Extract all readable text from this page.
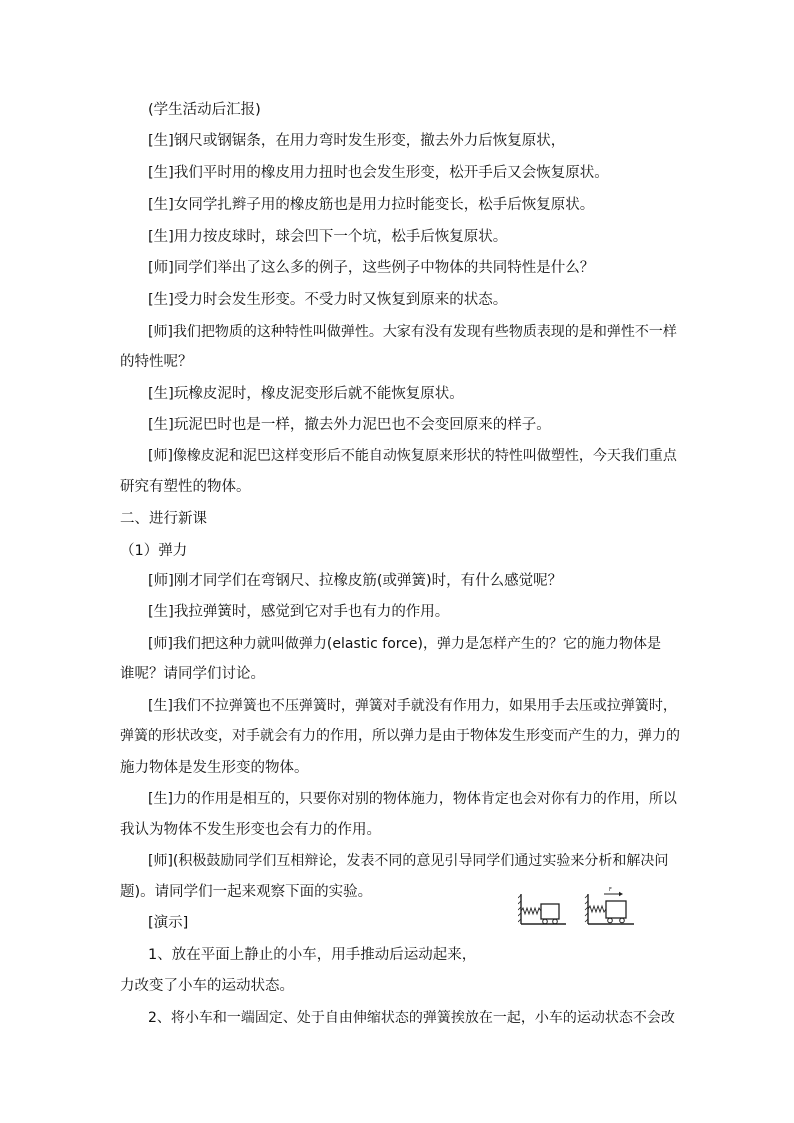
(学生活动后汇报)
[生]钢尺或钢锯条，在用力弯时发生形变，撤去外力后恢复原状，
[生]我们平时用的橡皮用力扭时也会发生形变，松开手后又会恢复原状。
[生]女同学扎辫子用的橡皮筋也是用力拉时能变长，松手后恢复原状。
[生]用力按皮球时，球会凹下一个坑，松手后恢复原状。
[师]同学们举出了这么多的例子，这些例子中物体的共同特性是什么？
[生]受力时会发生形变。不受力时又恢复到原来的状态。
[师]我们把物质的这种特性叫做弹性。大家有没有发现有些物质表现的是和弹性不一样
的特性呢？
[生]玩橡皮泥时，橡皮泥变形后就不能恢复原状。
[生]玩泥巴时也是一样，撤去外力泥巴也不会变回原来的样子。
[师]像橡皮泥和泥巴这样变形后不能自动恢复原来形状的特性叫做塑性，今天我们重点
研究有塑性的物体。
二、进行新课
（1）弹力
[师]刚才同学们在弯钢尺、拉橡皮筋(或弹簧)时，有什么感觉呢？
[生]我拉弹簧时，感觉到它对手也有力的作用。
[师]我们把这种力就叫做弹力(elastic force)，弹力是怎样产生的？它的施力物体是
谁呢？请同学们讨论。
[生]我们不拉弹簧也不压弹簧时，弹簧对手就没有作用力，如果用手去压或拉弹簧时，
弹簧的形状改变，对手就会有力的作用，所以弹力是由于物体发生形变而产生的力，弹力的
施力物体是发生形变的物体。
[生]力的作用是相互的，只要你对别的物体施力，物体肯定也会对你有力的作用，所以
我认为物体不发生形变也会有力的作用。
[师](积极鼓励同学们互相辩论，发表不同的意见引导同学们通过实验来分析和解决问
题)。请同学们一起来观察下面的实验。
[演示]
1、放在平面上静止的小车，用手推动后运动起来，
力改变了小车的运动状态。
2、将小车和一端固定、处于自由伸缩状态的弹簧挨放在一起，小车的运动状态不会改
F
